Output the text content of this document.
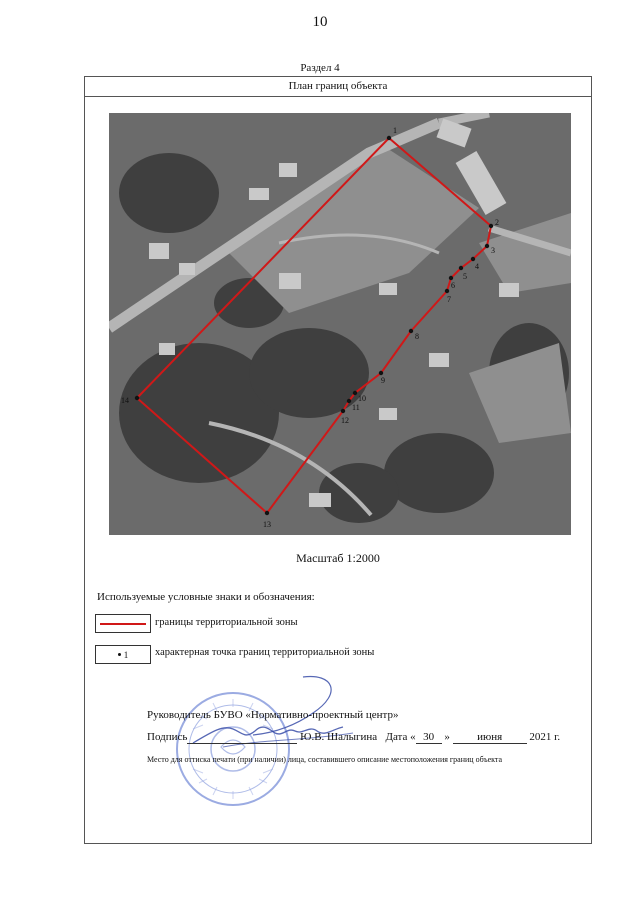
10
Раздел 4
План границ объекта
1
2
3
4
5
6
7
8
9
10
11
12
13
14
Масштаб 1:2000
Используемые условные знаки и обозначения:
границы территориальной зоны
1	характерная точка границ территориальной зоны
Руководитель БУВО «Нормативно-проектный центр»
Подпись	Ю.В. Шалыгина Дата « 30 » июня 2021 г.
Место для оттиска печати (при наличии) лица, составившего описание местоположения границ объекта
